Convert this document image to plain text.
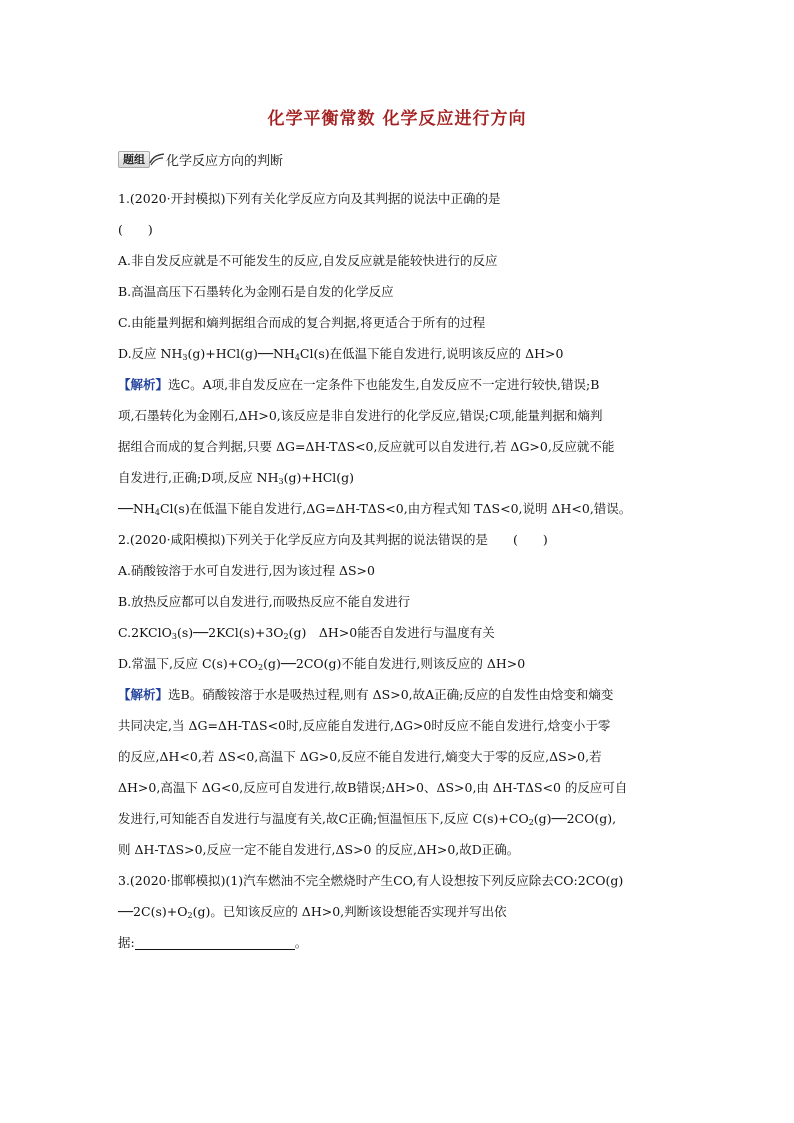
化学平衡常数 化学反应进行方向
题组	化学反应方向的判断
1.(2020·开封模拟)下列有关化学反应方向及其判据的说法中正确的是
(　　)
A.非自发反应就是不可能发生的反应,自发反应就是能较快进行的反应
B.高温高压下石墨转化为金刚石是自发的化学反应
C.由能量判据和熵判据组合而成的复合判据,将更适合于所有的过程
D.反应 $NH_3(g)+HCl(g)──NH_4Cl(s)$在低温下能自发进行,说明该反应的 ΔH>0
【解析】选C。A项,非自发反应在一定条件下也能发生,自发反应不一定进行较快,错误;B
项,石墨转化为金刚石,ΔH>0,该反应是非自发进行的化学反应,错误;C项,能量判据和熵判
据组合而成的复合判据,只要 ΔG=ΔH-TΔS<0,反应就可以自发进行,若 ΔG>0,反应就不能
自发进行,正确;D项,反应 $NH_3(g)+HCl(g)$
$──NH_4Cl(s)$在低温下能自发进行,ΔG=ΔH-TΔS<0,由方程式知 TΔS<0,说明 ΔH<0,错误。
2.(2020·咸阳模拟)下列关于化学反应方向及其判据的说法错误的是　　(　　)
A.硝酸铵溶于水可自发进行,因为该过程 ΔS>0
B.放热反应都可以自发进行,而吸热反应不能自发进行
$C.2KClO_3(s)──2KCl(s)+3O_2(g)$　ΔH>0能否自发进行与温度有关
D.常温下,反应 $C(s)+CO_2(g)──2CO(g)$不能自发进行,则该反应的 ΔH>0
【解析】选B。硝酸铵溶于水是吸热过程,则有 ΔS>0,故A正确;反应的自发性由焓变和熵变
共同决定,当 ΔG=ΔH-TΔS<0时,反应能自发进行,ΔG>0时反应不能自发进行,焓变小于零
的反应,ΔH<0,若 ΔS<0,高温下 ΔG>0,反应不能自发进行,熵变大于零的反应,ΔS>0,若
ΔH>0,高温下 ΔG<0,反应可自发进行,故B错误;ΔH>0、ΔS>0,由 ΔH-TΔS<0 的反应可自
发进行,可知能否自发进行与温度有关,故C正确;恒温恒压下,反应 $C(s)+CO_2(g)──2CO(g)$,
则 ΔH-TΔS>0,反应一定不能自发进行,ΔS>0 的反应,ΔH>0,故D正确。
3.(2020·邯郸模拟)(1)汽车燃油不完全燃烧时产生CO,有人设想按下列反应除去CO:2CO(g)
$──2C(s)+O_2(g)$。已知该反应的 ΔH>0,判断该设想能否实现并写出依
据:	。
